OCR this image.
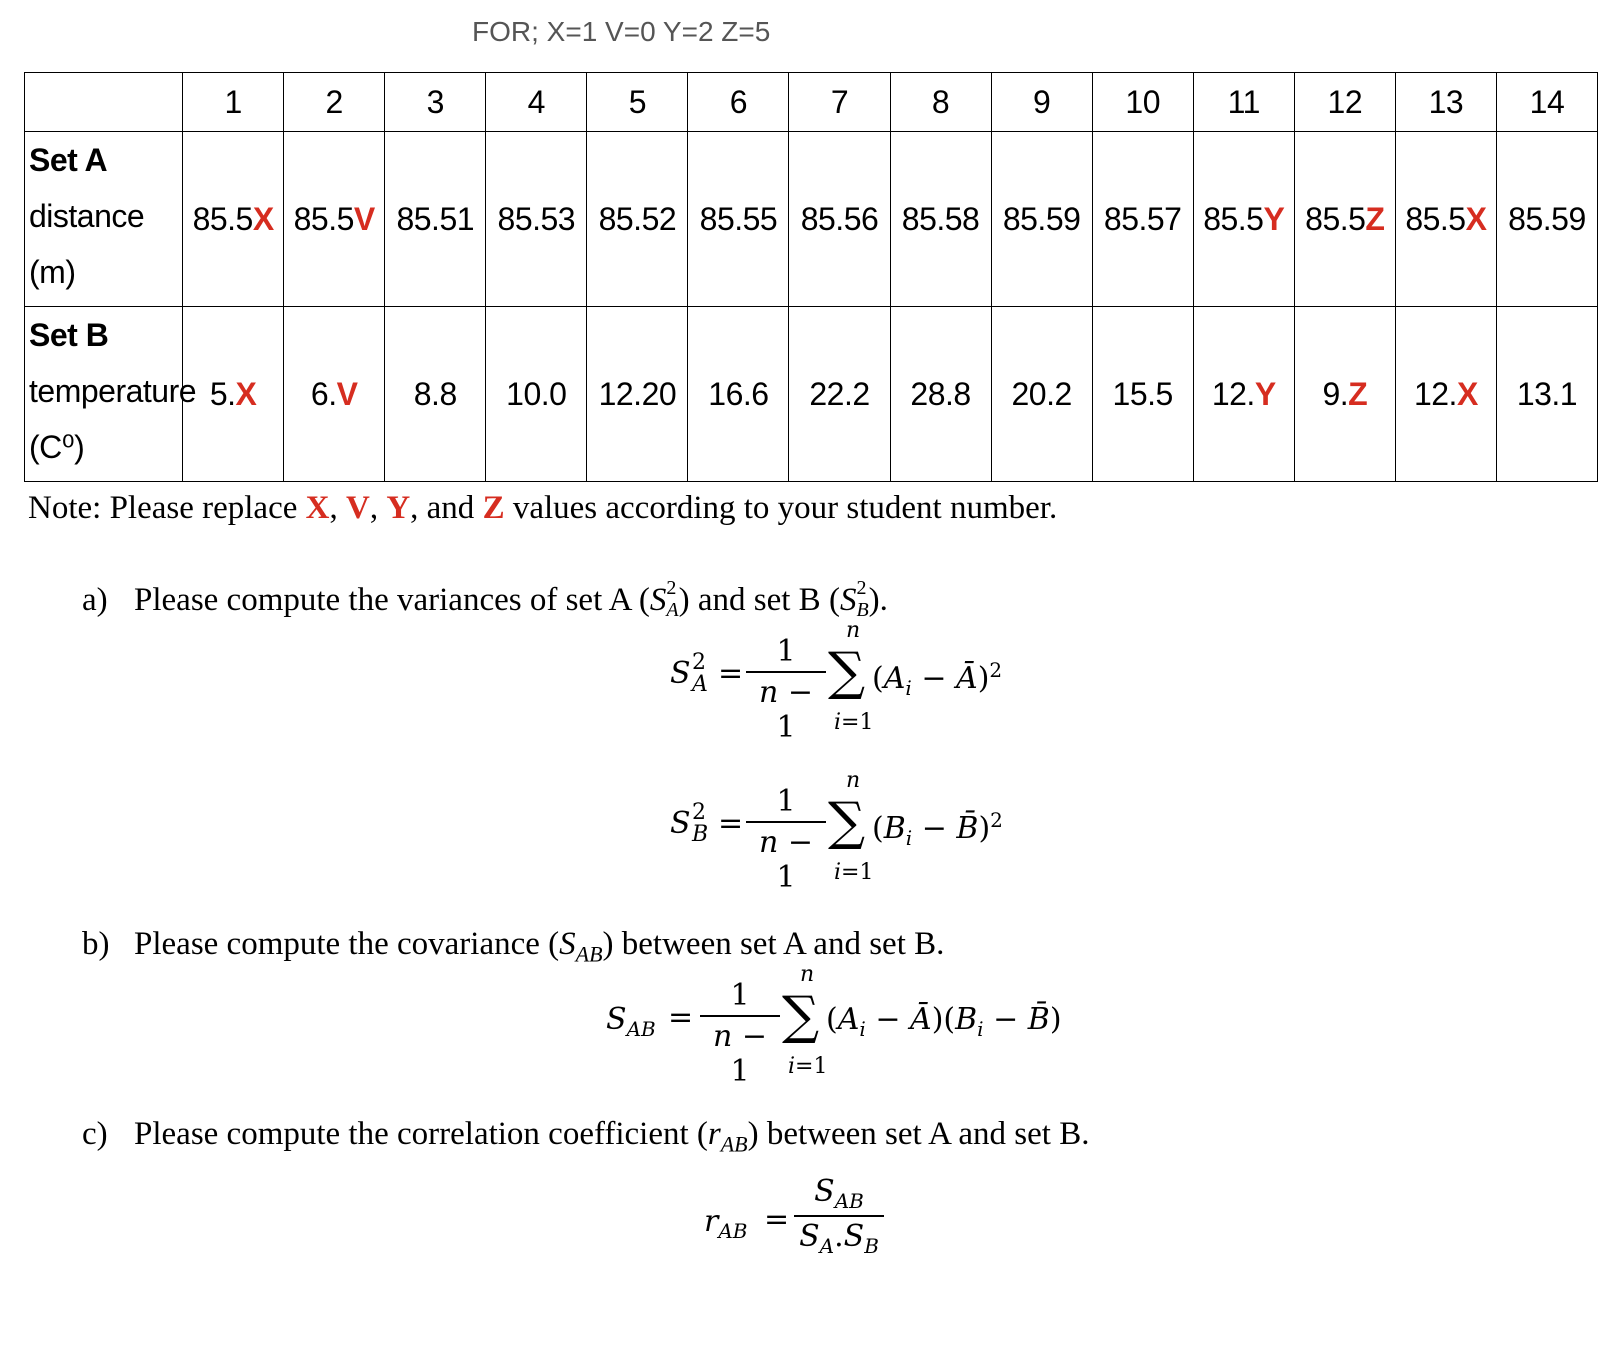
FOR; X=1 V=0 Y=2 Z=5
	1	2	3	4	5	6	7	8	9	10	11	12	13	14

Set A
distance
(m)	85.5X	85.5V	85.51	85.53	85.52	85.55	85.56	85.58	85.59	85.57	85.5Y	85.5Z	85.5X	85.59

Set B
temperature
(C⁰)	5.X	6.V	8.8	10.0	12.20	16.6	22.2	28.8	20.2	15.5	12.Y	9.Z	12.X	13.1
Note: Please replace X, V, Y, and Z values according to your student number.
a) Please compute the variances of set A (S 2
A) and set B (S 2
B).
S 2
A =
1
n − 1
n
∑
i=1
($A_i$ − Ā)$^2$
S 2
B =
1
n − 1
n
∑
i=1
($B_i$ − B̄)$^2$
b) Please compute the covariance $(S_{AB})$ between set A and set B.
$S_{AB}$ =
1
n − 1
n
∑
i=1
($A_i$ − $Ā)(B_i$ − B̄)
c) Please compute the correlation coefficient $(r_{AB})$ between set A and set B.
$r_{AB}$ =
$S_{AB}$
$S_A.S_B$
